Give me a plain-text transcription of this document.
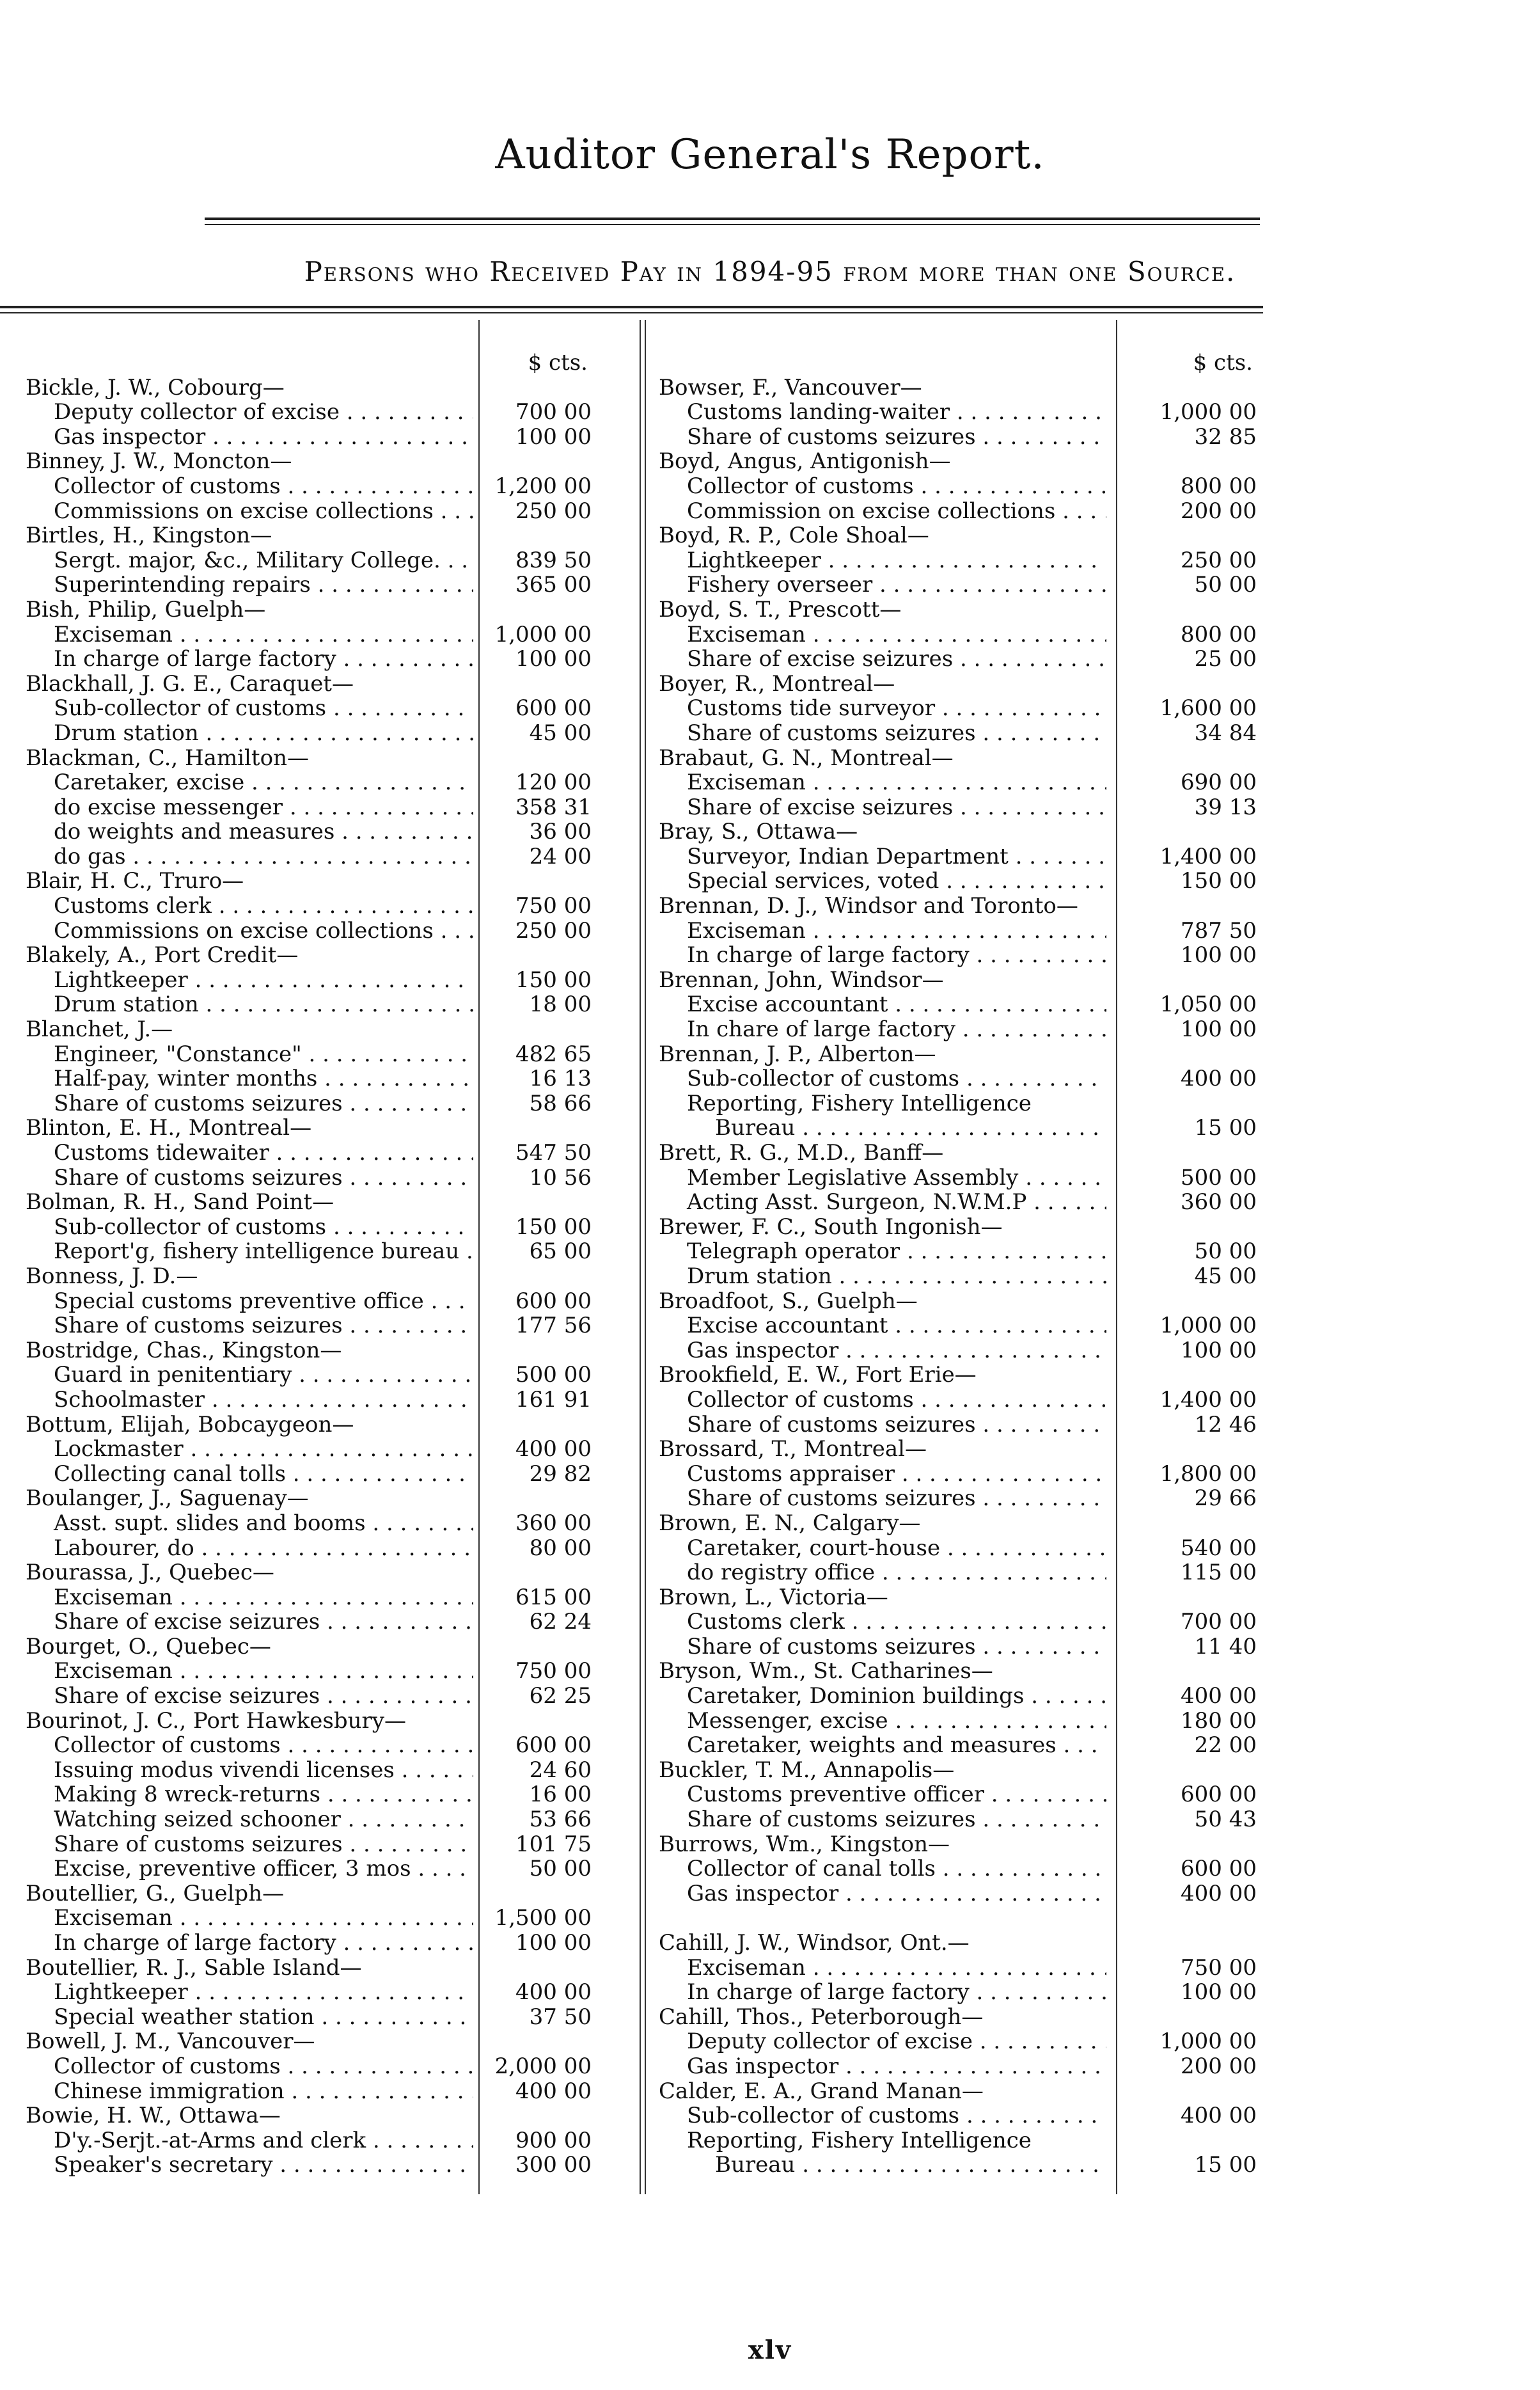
Auditor General's Report.
Persons who Received Pay in 1894-95 from more than one Source.

Bickle, J. W., Cobourg—
Deputy collector of excise . . .
Gas inspector . . .
Binney, J. W., Moncton—
Collector of customs . . .
Commissions on excise collections . . .
Birtles, H., Kingston—
Sergt. major, &c., Military College. . . .
Superintending repairs . . .
Bish, Philip, Guelph—
Exciseman . . .
In charge of large factory . . .
Blackhall, J. G. E., Caraquet—
Sub-collector of customs . . .
Drum station . . .
Blackman, C., Hamilton—
Caretaker, excise . . .
do excise messenger . . .
do weights and measures . . .
do gas . . .
Blair, H. C., Truro—
Customs clerk . . .
Commissions on excise collections . . .
Blakely, A., Port Credit—
Lightkeeper . . .
Drum station . . .
Blanchet, J.—
Engineer, "Constance" . . .
Half-pay, winter months . . .
Share of customs seizures . . .
Blinton, E. H., Montreal—
Customs tidewaiter . . .
Share of customs seizures . . .
Bolman, R. H., Sand Point—
Sub-collector of customs . . .
Report'g, fishery intelligence bureau . . .
Bonness, J. D.—
Special customs preventive office . . .
Share of customs seizures . . .
Bostridge, Chas., Kingston—
Guard in penitentiary . . .
Schoolmaster . . .
Bottum, Elijah, Bobcaygeon—
Lockmaster . . .
Collecting canal tolls . . .
Boulanger, J., Saguenay—
Asst. supt. slides and booms . . .
Labourer, do . . .
Bourassa, J., Quebec—
Exciseman . . .
Share of excise seizures . . .
Bourget, O., Quebec—
Exciseman . . .
Share of excise seizures . . .
Bourinot, J. C., Port Hawkesbury—
Collector of customs . . .
Issuing modus vivendi licenses . . .
Making 8 wreck-returns . . .
Watching seized schooner . . .
Share of customs seizures . . .
Excise, preventive officer, 3 mos . . .
Boutellier, G., Guelph—
Exciseman . . .
In charge of large factory . . .
Boutellier, R. J., Sable Island—
Lightkeeper . . .
Special weather station . . .
Bowell, J. M., Vancouver—
Collector of customs . . .
Chinese immigration . . .
Bowie, H. W., Ottawa—
D'y.-Serjt.-at-Arms and clerk . . .
Speaker's secretary . . .
$ cts.

700 00
100 00

1,200 00
250 00

839 50
365 00

1,000 00
100 00

600 00
45 00

120 00
358 31
36 00
24 00

750 00
250 00

150 00
18 00

482 65
16 13
58 66

547 50
10 56

150 00
65 00

600 00
177 56

500 00
161 91

400 00
29 82

360 00
80 00

615 00
62 24

750 00
62 25

600 00
24 60
16 00
53 66
101 75
50 00

1,500 00
100 00

400 00
37 50

2,000 00
400 00

900 00
300 00

Bowser, F., Vancouver—
Customs landing-waiter . . .
Share of customs seizures . . .
Boyd, Angus, Antigonish—
Collector of customs . . .
Commission on excise collections . . .
Boyd, R. P., Cole Shoal—
Lightkeeper . . .
Fishery overseer . . .
Boyd, S. T., Prescott—
Exciseman . . .
Share of excise seizures . . .
Boyer, R., Montreal—
Customs tide surveyor . . .
Share of customs seizures . . .
Brabaut, G. N., Montreal—
Exciseman . . .
Share of excise seizures . . .
Bray, S., Ottawa—
Surveyor, Indian Department . . .
Special services, voted . . .
Brennan, D. J., Windsor and Toronto—
Exciseman . . .
In charge of large factory . . .
Brennan, John, Windsor—
Excise accountant . . .
In chare of large factory . . .
Brennan, J. P., Alberton—
Sub-collector of customs . . .
Reporting, Fishery Intelligence
Bureau . . .
Brett, R. G., M.D., Banff—
Member Legislative Assembly . . .
Acting Asst. Surgeon, N.W.M.P . . .
Brewer, F. C., South Ingonish—
Telegraph operator . . .
Drum station . . .
Broadfoot, S., Guelph—
Excise accountant . . .
Gas inspector . . .
Brookfield, E. W., Fort Erie—
Collector of customs . . .
Share of customs seizures . . .
Brossard, T., Montreal—
Customs appraiser . . .
Share of customs seizures . . .
Brown, E. N., Calgary—
Caretaker, court-house . . .
do registry office . . .
Brown, L., Victoria—
Customs clerk . . .
Share of customs seizures . . .
Bryson, Wm., St. Catharines—
Caretaker, Dominion buildings . . .
Messenger, excise . . .
Caretaker, weights and measures . . .
Buckler, T. M., Annapolis—
Customs preventive officer . . .
Share of customs seizures . . .
Burrows, Wm., Kingston—
Collector of canal tolls . . .
Gas inspector . . .

Cahill, J. W., Windsor, Ont.—
Exciseman . . .
In charge of large factory . . .
Cahill, Thos., Peterborough—
Deputy collector of excise . . .
Gas inspector . . .
Calder, E. A., Grand Manan—
Sub-collector of customs . . .
Reporting, Fishery Intelligence
Bureau . . .
$ cts.

1,000 00
32 85

800 00
200 00

250 00
50 00

800 00
25 00

1,600 00
34 84

690 00
39 13

1,400 00
150 00

787 50
100 00

1,050 00
100 00

400 00

15 00

500 00
360 00

50 00
45 00

1,000 00
100 00

1,400 00
12 46

1,800 00
29 66

540 00
115 00

700 00
11 40

400 00
180 00
22 00

600 00
50 43

600 00
400 00

750 00
100 00

1,000 00
200 00

400 00

15 00
xlv
